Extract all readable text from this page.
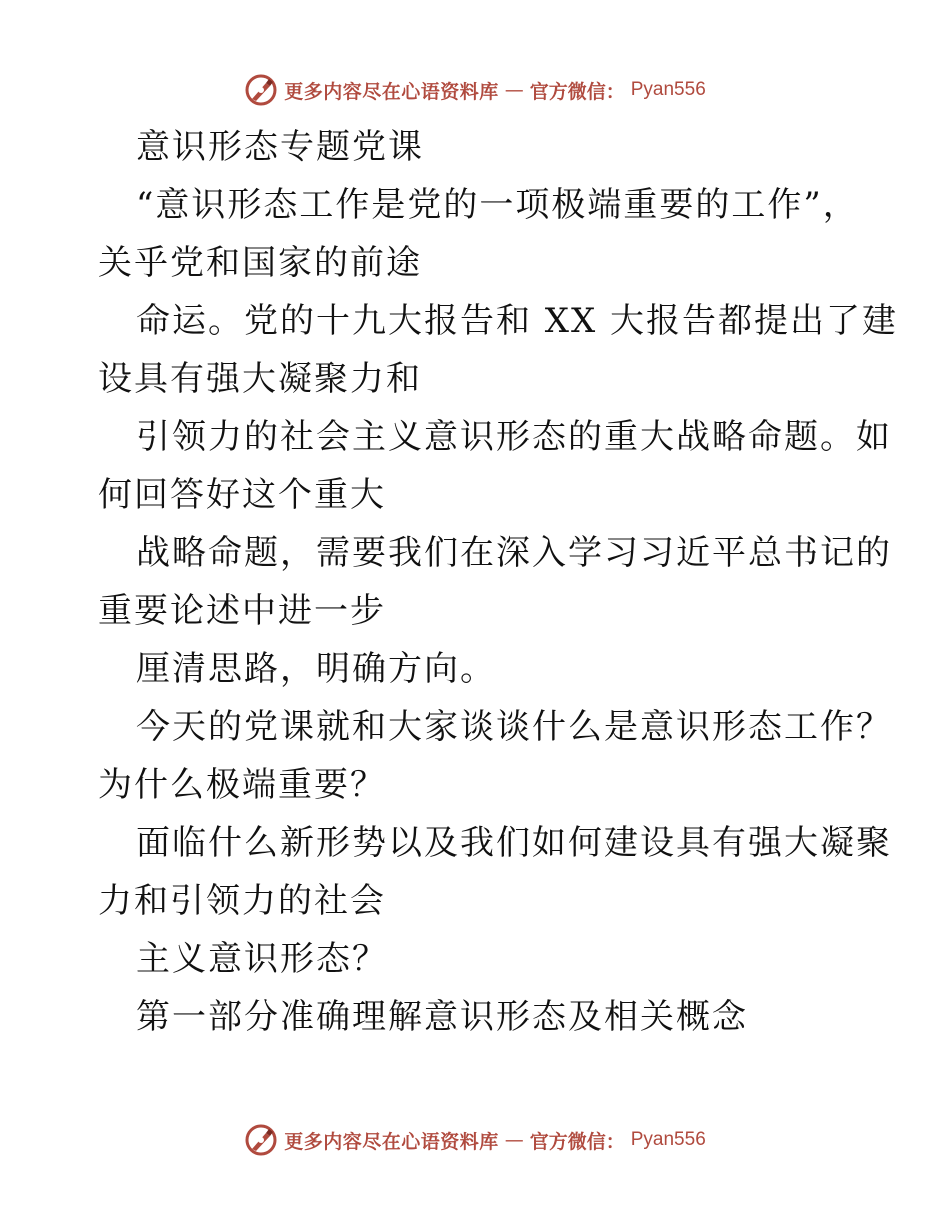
更多内容尽在心语资料库 — 官方微信： Pyan556
意识形态专题党课
“意识形态工作是党的一项极端重要的工作”，
关乎党和国家的前途
命运。党的十九大报告和 XX 大报告都提出了建
设具有强大凝聚力和
引领力的社会主义意识形态的重大战略命题。如
何回答好这个重大
战略命题，需要我们在深入学习习近平总书记的
重要论述中进一步
厘清思路，明确方向。
今天的党课就和大家谈谈什么是意识形态工作？
为什么极端重要？
面临什么新形势以及我们如何建设具有强大凝聚
力和引领力的社会
主义意识形态？
第一部分准确理解意识形态及相关概念
更多内容尽在心语资料库 — 官方微信： Pyan556
